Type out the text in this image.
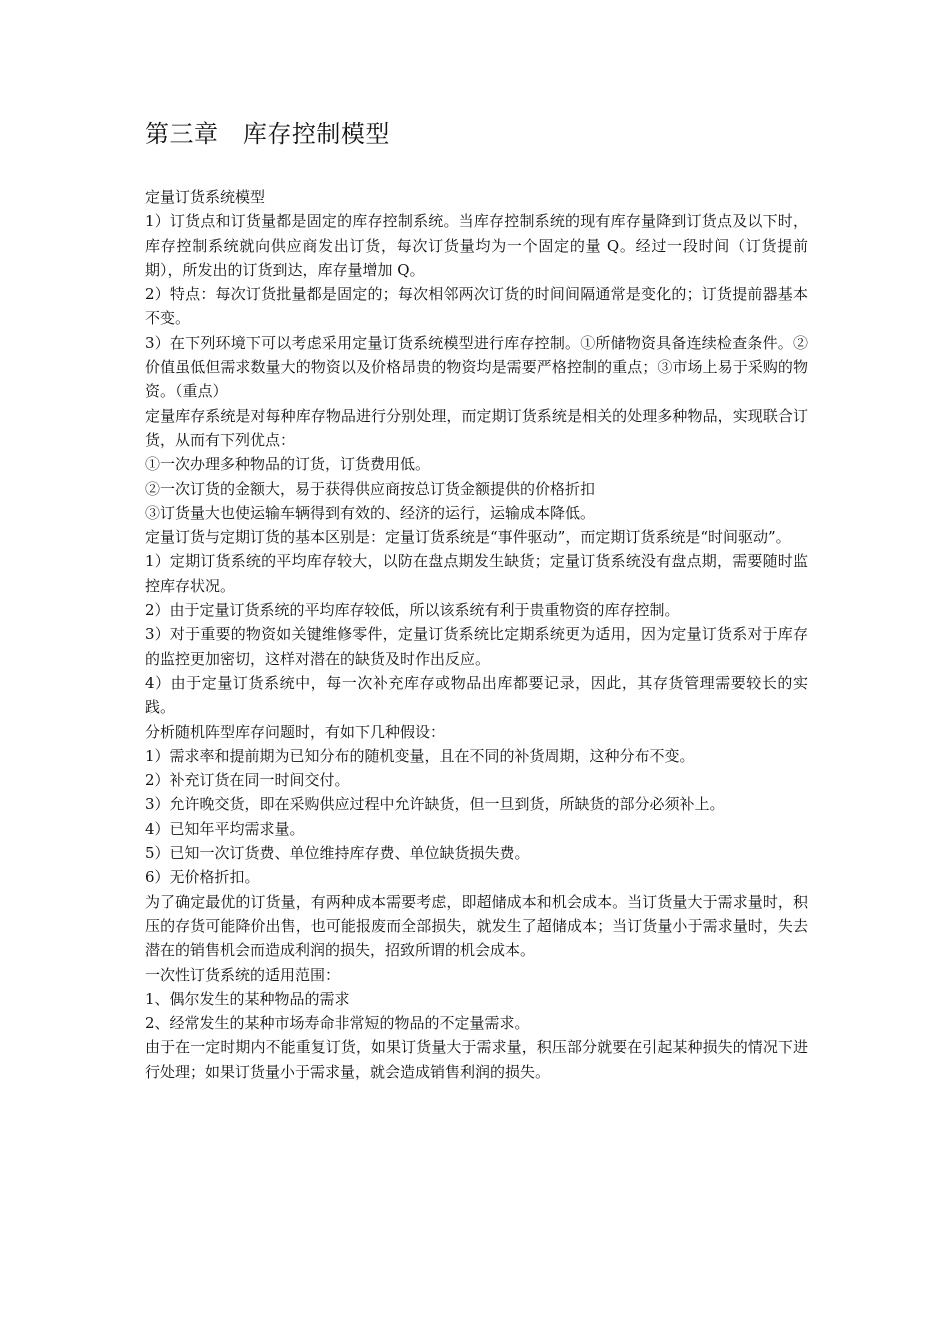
第三章   库存控制模型

定量订货系统模型

1）订货点和订货量都是固定的库存控制系统。当库存控制系统的现有库存量降到订货点及以下时，库存控制系统就向供应商发出订货，每次订货量均为一个固定的量 Q。经过一段时间（订货提前期），所发出的订货到达，库存量增加 Q。

2）特点：每次订货批量都是固定的；每次相邻两次订货的时间间隔通常是变化的；订货提前器基本不变。

3）在下列环境下可以考虑采用定量订货系统模型进行库存控制。①所储物资具备连续检查条件。②价值虽低但需求数量大的物资以及价格昂贵的物资均是需要严格控制的重点；③市场上易于采购的物资。（重点）

定量库存系统是对每种库存物品进行分别处理，而定期订货系统是相关的处理多种物品，实现联合订货，从而有下列优点：

①一次办理多种物品的订货，订货费用低。

②一次订货的金额大，易于获得供应商按总订货金额提供的价格折扣

③订货量大也使运输车辆得到有效的、经济的运行，运输成本降低。

定量订货与定期订货的基本区别是：定量订货系统是“事件驱动”，而定期订货系统是“时间驱动”。

1）定期订货系统的平均库存较大，以防在盘点期发生缺货；定量订货系统没有盘点期，需要随时监控库存状况。

2）由于定量订货系统的平均库存较低，所以该系统有利于贵重物资的库存控制。

3）对于重要的物资如关键维修零件，定量订货系统比定期系统更为适用，因为定量订货系对于库存的监控更加密切，这样对潜在的缺货及时作出反应。

4）由于定量订货系统中，每一次补充库存或物品出库都要记录，因此，其存货管理需要较长的实践。

分析随机阵型库存问题时，有如下几种假设：

1）需求率和提前期为已知分布的随机变量，且在不同的补货周期，这种分布不变。

2）补充订货在同一时间交付。

3）允许晚交货，即在采购供应过程中允许缺货，但一旦到货，所缺货的部分必须补上。

4）已知年平均需求量。

5）已知一次订货费、单位维持库存费、单位缺货损失费。

6）无价格折扣。

为了确定最优的订货量，有两种成本需要考虑，即超储成本和机会成本。当订货量大于需求量时，积压的存货可能降价出售，也可能报废而全部损失，就发生了超储成本；当订货量小于需求量时，失去潜在的销售机会而造成利润的损失，招致所谓的机会成本。

一次性订货系统的适用范围：

1、偶尔发生的某种物品的需求

2、经常发生的某种市场寿命非常短的物品的不定量需求。

由于在一定时期内不能重复订货，如果订货量大于需求量，积压部分就要在引起某种损失的情况下进行处理；如果订货量小于需求量，就会造成销售利润的损失。
